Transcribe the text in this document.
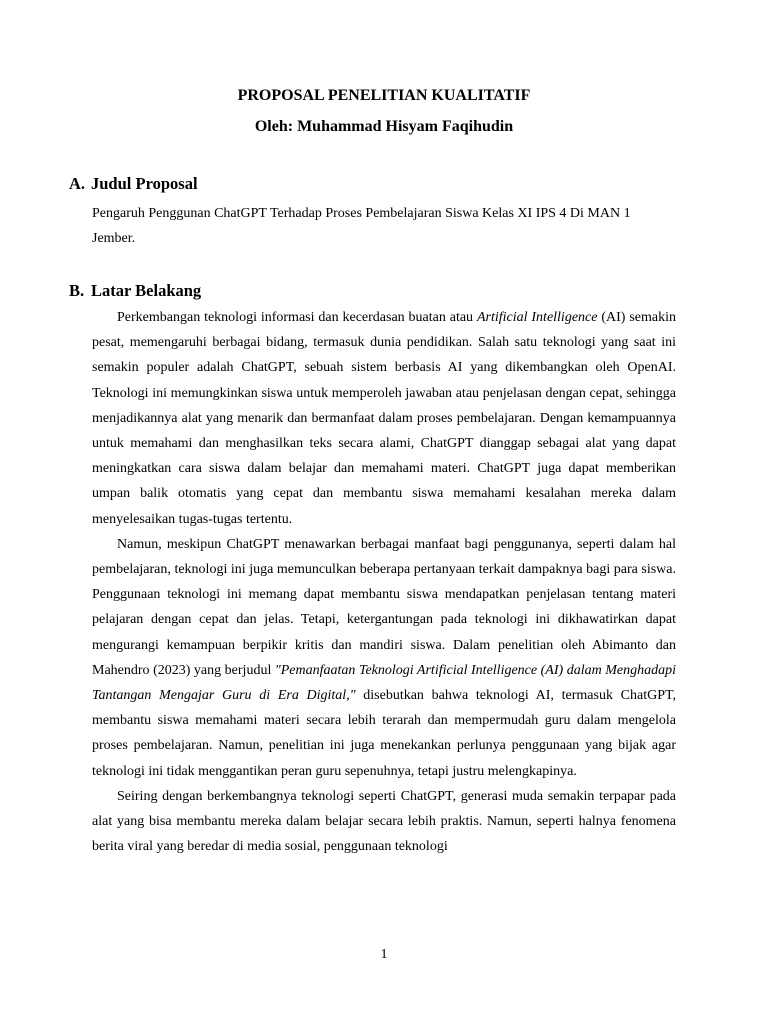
PROPOSAL PENELITIAN KUALITATIF
Oleh: Muhammad Hisyam Faqihudin
A. Judul Proposal

Pengaruh Penggunan ChatGPT Terhadap Proses Pembelajaran Siswa Kelas XI IPS 4 Di MAN 1 Jember.

B. Latar Belakang

Perkembangan teknologi informasi dan kecerdasan buatan atau Artificial Intelligence (AI) semakin pesat, memengaruhi berbagai bidang, termasuk dunia pendidikan. Salah satu teknologi yang saat ini semakin populer adalah ChatGPT, sebuah sistem berbasis AI yang dikembangkan oleh OpenAI. Teknologi ini memungkinkan siswa untuk memperoleh jawaban atau penjelasan dengan cepat, sehingga menjadikannya alat yang menarik dan bermanfaat dalam proses pembelajaran. Dengan kemampuannya untuk memahami dan menghasilkan teks secara alami, ChatGPT dianggap sebagai alat yang dapat meningkatkan cara siswa dalam belajar dan memahami materi. ChatGPT juga dapat memberikan umpan balik otomatis yang cepat dan membantu siswa memahami kesalahan mereka dalam menyelesaikan tugas-tugas tertentu.

Namun, meskipun ChatGPT menawarkan berbagai manfaat bagi penggunanya, seperti dalam hal pembelajaran, teknologi ini juga memunculkan beberapa pertanyaan terkait dampaknya bagi para siswa. Penggunaan teknologi ini memang dapat membantu siswa mendapatkan penjelasan tentang materi pelajaran dengan cepat dan jelas. Tetapi, ketergantungan pada teknologi ini dikhawatirkan dapat mengurangi kemampuan berpikir kritis dan mandiri siswa. Dalam penelitian oleh Abimanto dan Mahendro (2023) yang berjudul "Pemanfaatan Teknologi Artificial Intelligence (AI) dalam Menghadapi Tantangan Mengajar Guru di Era Digital," disebutkan bahwa teknologi AI, termasuk ChatGPT, membantu siswa memahami materi secara lebih terarah dan mempermudah guru dalam mengelola proses pembelajaran. Namun, penelitian ini juga menekankan perlunya penggunaan yang bijak agar teknologi ini tidak menggantikan peran guru sepenuhnya, tetapi justru melengkapinya.

Seiring dengan berkembangnya teknologi seperti ChatGPT, generasi muda semakin terpapar pada alat yang bisa membantu mereka dalam belajar secara lebih praktis. Namun, seperti halnya fenomena berita viral yang beredar di media sosial, penggunaan teknologi

1
